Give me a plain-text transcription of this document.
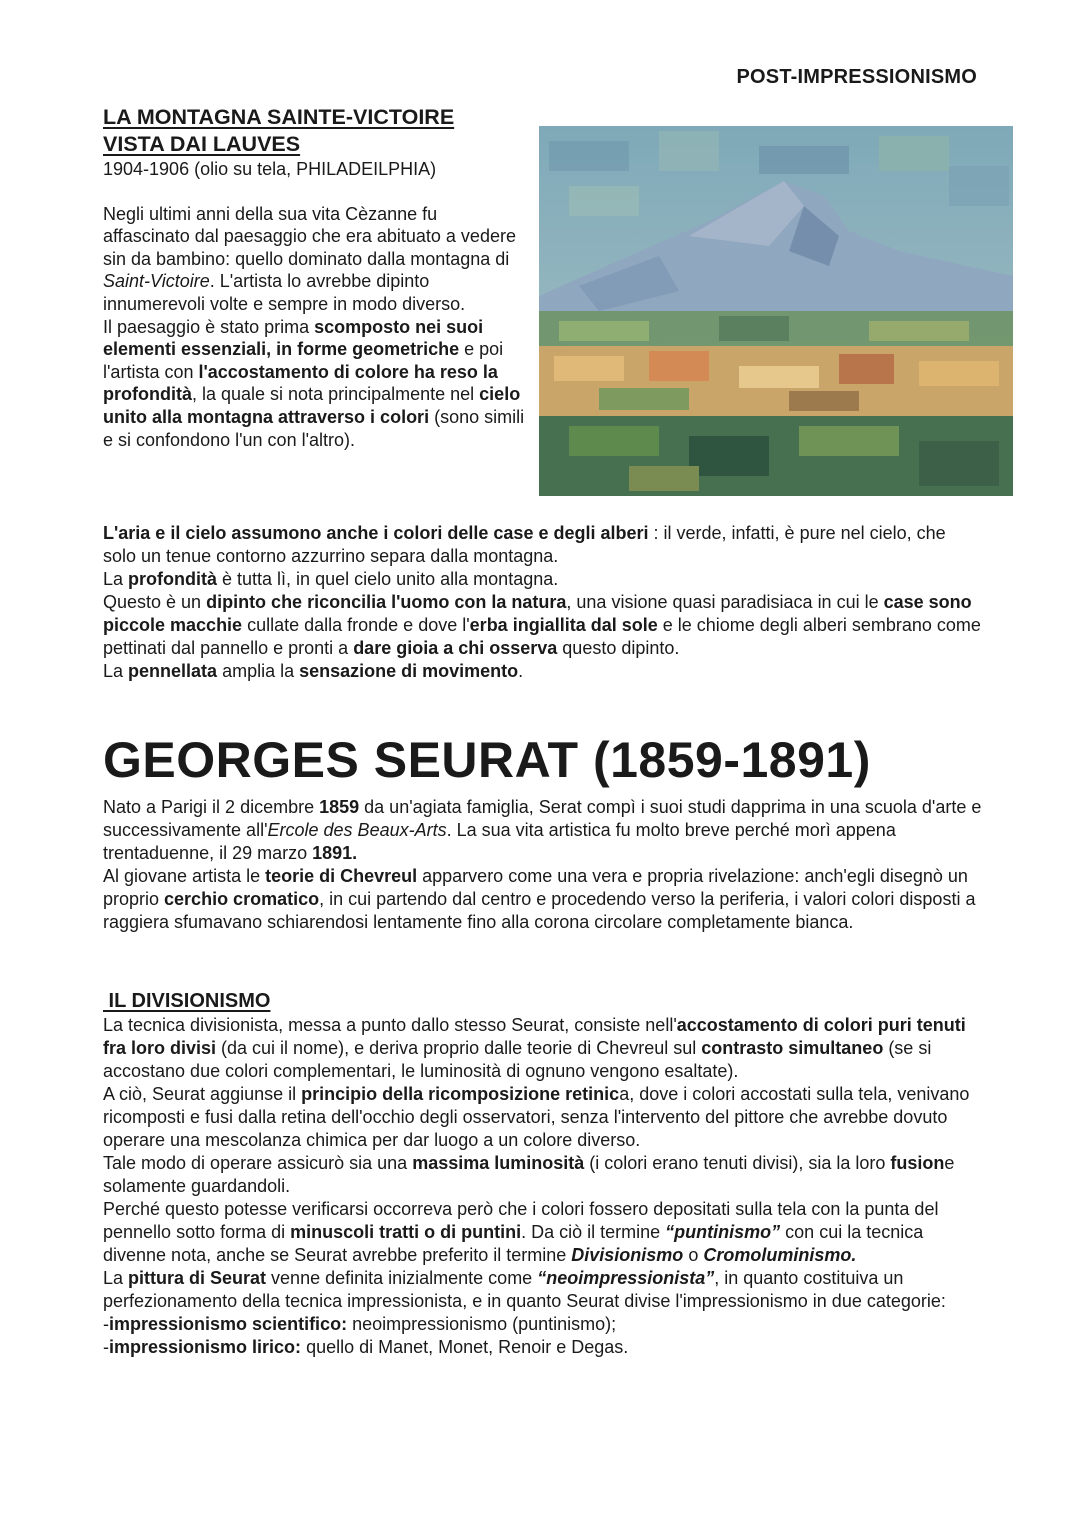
POST-IMPRESSIONISMO
LA MONTAGNA SAINTE-VICTOIRE
VISTA DAI LAUVES

1904-1906 (olio su tela, PHILADEILPHIA)

Negli ultimi anni della sua vita Cèzanne fu affascinato dal paesaggio che era abituato a vedere sin da bambino: quello dominato dalla montagna di Saint-Victoire. L'artista lo avrebbe dipinto innumerevoli volte e sempre in modo diverso.

Il paesaggio è stato prima scomposto nei suoi elementi essenziali, in forme geometriche e poi l'artista con l'accostamento di colore ha reso la profondità, la quale si nota principalmente nel cielo unito alla montagna attraverso i colori (sono simili e si confondono l'un con l'altro).

L'aria e il cielo assumono anche i colori delle case e degli alberi : il verde, infatti, è pure nel cielo, che solo un tenue contorno azzurrino separa dalla montagna.

La profondità è tutta lì, in quel cielo unito alla montagna.

Questo è un dipinto che riconcilia l'uomo con la natura, una visione quasi paradisiaca in cui le case sono piccole macchie cullate dalla fronde e dove l'erba ingiallita dal sole e le chiome degli alberi sembrano come pettinati dal pannello e pronti a dare gioia a chi osserva questo dipinto.

La pennellata amplia la sensazione di movimento.

GEORGES SEURAT (1859-1891)

Nato a Parigi il 2 dicembre 1859 da un'agiata famiglia, Serat compì i suoi studi dapprima in una scuola d'arte e successivamente all'Ercole des Beaux-Arts. La sua vita artistica fu molto breve perché morì appena trentaduenne, il 29 marzo 1891.

Al giovane artista le teorie di Chevreul apparvero come una vera e propria rivelazione: anch'egli disegnò un proprio cerchio cromatico, in cui partendo dal centro e procedendo verso la periferia, i valori colori disposti a raggiera sfumavano schiarendosi lentamente fino alla corona circolare completamente bianca.

IL DIVISIONISMO

La tecnica divisionista, messa a punto dallo stesso Seurat, consiste nell'accostamento di colori puri tenuti fra loro divisi (da cui il nome), e deriva proprio dalle teorie di Chevreul sul contrasto simultaneo (se si accostano due colori complementari, le luminosità di ognuno vengono esaltate).

A ciò, Seurat aggiunse il principio della ricomposizione retinica, dove i colori accostati sulla tela, venivano ricomposti e fusi dalla retina dell'occhio degli osservatori, senza l'intervento del pittore che avrebbe dovuto operare una mescolanza chimica per dar luogo a un colore diverso.

Tale modo di operare assicurò sia una massima luminosità (i colori erano tenuti divisi), sia la loro fusione solamente guardandoli.

Perché questo potesse verificarsi occorreva però che i colori fossero depositati sulla tela con la punta del pennello sotto forma di minuscoli tratti o di puntini. Da ciò il termine “puntinismo” con cui la tecnica divenne nota, anche se Seurat avrebbe preferito il termine Divisionismo o Cromoluminismo.

La pittura di Seurat venne definita inizialmente come “neoimpressionista”, in quanto costituiva un perfezionamento della tecnica impressionista, e in quanto Seurat divise l'impressionismo in due categorie:

-impressionismo scientifico: neoimpressionismo (puntinismo);

-impressionismo lirico: quello di Manet, Monet, Renoir e Degas.
